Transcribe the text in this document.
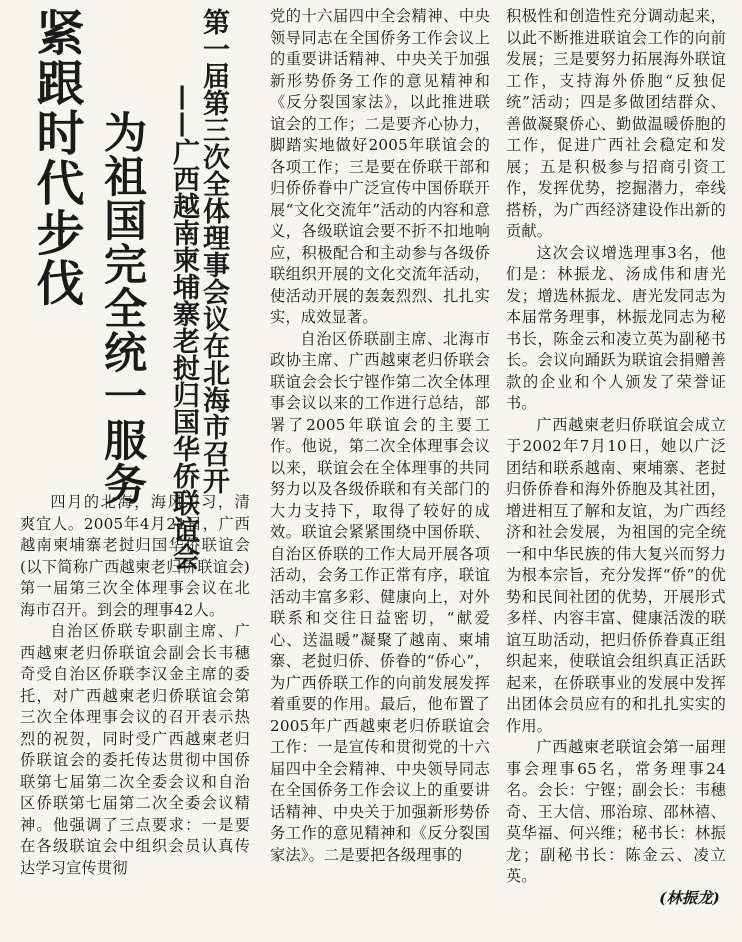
紧跟时代步伐 为祖国完全统一服务 第一届第三次全体理事会议在北海市召开
——广西越南柬埔寨老挝归国华侨联谊会

四月的北海，海风习习，清爽宜人。2005年4月21日，广西越南柬埔寨老挝归国华侨联谊会(以下简称广西越柬老归侨联谊会)第一届第三次全体理事会议在北海市召开。到会的理事42人。

自治区侨联专职副主席、广西越柬老归侨联谊会副会长韦穗奇受自治区侨联李汉金主席的委托，对广西越柬老归侨联谊会第三次全体理事会议的召开表示热烈的祝贺，同时受广西越柬老归侨联谊会的委托传达贯彻中国侨联第七届第二次全委会议和自治区侨联第七届第二次全委会议精神。他强调了三点要求：一是要在各级联谊会中组织会员认真传达学习宣传贯彻

党的十六届四中全会精神、中央领导同志在全国侨务工作会议上的重要讲话精神、中央关于加强新形势侨务工作的意见精神和《反分裂国家法》，以此推进联谊会的工作；二是要齐心协力，脚踏实地做好2005年联谊会的各项工作；三是要在侨联干部和归侨侨眷中广泛宣传中国侨联开展“文化交流年”活动的内容和意义，各级联谊会要不折不扣地响应，积极配合和主动参与各级侨联组织开展的文化交流年活动，使活动开展的轰轰烈烈、扎扎实实，成效显著。

自治区侨联副主席、北海市政协主席、广西越柬老归侨联会联谊会会长宁铿作第二次全体理事会议以来的工作进行总结，部署了2005年联谊会的主要工作。他说，第二次全体理事会议以来，联谊会在全体理事的共同努力以及各级侨联和有关部门的大力支持下，取得了较好的成效。联谊会紧紧围绕中国侨联、自治区侨联的工作大局开展各项活动，会务工作正常有序，联谊活动丰富多彩、健康向上，对外联系和交往日益密切，“献爱心、送温暖”凝聚了越南、柬埔寨、老挝归侨、侨眷的“侨心”，为广西侨联工作的向前发展发挥着重要的作用。最后，他布置了2005年广西越柬老归侨联谊会工作：一是宣传和贯彻党的十六届四中全会精神、中央领导同志在全国侨务工作会议上的重要讲话精神、中央关于加强新形势侨务工作的意见精神和《反分裂国家法》。二是要把各级理事的

积极性和创造性充分调动起来，以此不断推进联谊会工作的向前发展；三是要努力拓展海外联谊工作，支持海外侨胞“反独促统”活动；四是多做团结群众、善做凝聚侨心、勤做温暖侨胞的工作，促进广西社会稳定和发展；五是积极参与招商引资工作，发挥优势，挖掘潜力，牵线搭桥，为广西经济建设作出新的贡献。

这次会议增选理事3名，他们是：林振龙、汤成伟和唐光发；增选林振龙、唐光发同志为本届常务理事，林振龙同志为秘书长，陈金云和凌立英为副秘书长。会议向踊跃为联谊会捐赠善款的企业和个人颁发了荣誉证书。

广西越柬老归侨联谊会成立于2002年7月10日，她以广泛团结和联系越南、柬埔寨、老挝归侨侨眷和海外侨胞及其社团，增进相互了解和友谊，为广西经济和社会发展，为祖国的完全统一和中华民族的伟大复兴而努力为根本宗旨，充分发挥“侨”的优势和民间社团的优势，开展形式多样、内容丰富、健康活泼的联谊互助活动，把归侨侨眷真正组织起来，使联谊会组织真正活跃起来，在侨联事业的发展中发挥出团体会员应有的和扎扎实实的作用。

广西越柬老联谊会第一届理事会理事65名，常务理事24名。会长：宁铿；副会长：韦穗奇、王大信、邢治琼、邵林禧、莫华福、何兴维；秘书长：林振龙；副秘书长：陈金云、凌立英。

(林振龙)
